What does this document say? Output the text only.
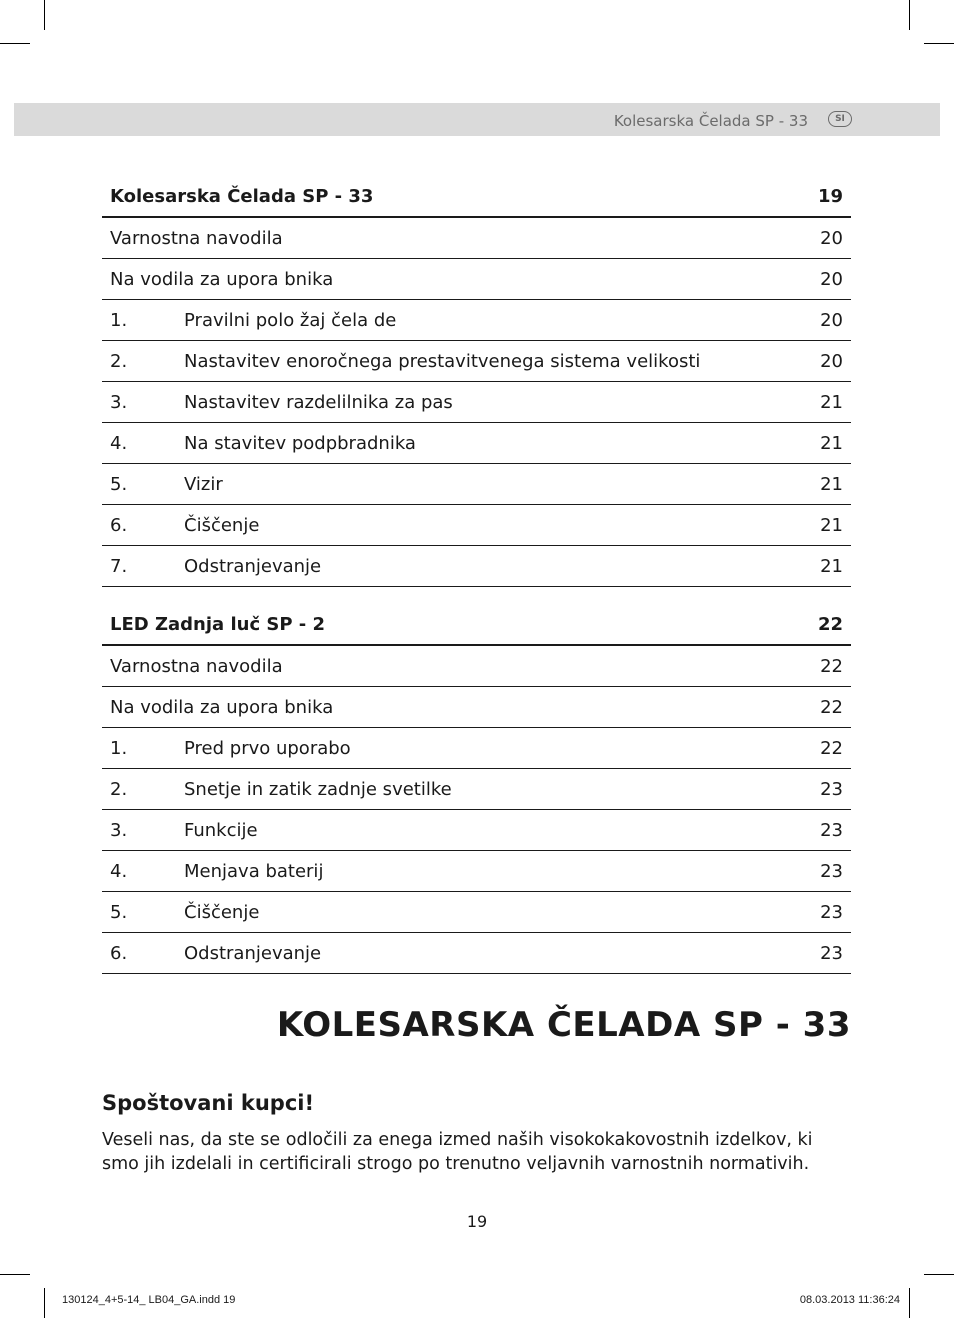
Kolesarska Čelada SP - 33	SI
Kolesarska Čelada SP - 33	19
Varnostna navodila	20
Na vodila za upora bnika	20
1.	Pravilni polo žaj čela de	20
2.	Nastavitev enoročnega prestavitvenega sistema velikosti	20
3.	Nastavitev razdelilnika za pas	21
4.	Na stavitev podpbradnika	21
5.	Vizir	21
6.	Čiščenje	21
7.	Odstranjevanje	21
LED Zadnja luč SP - 2	22
Varnostna navodila	22
Na vodila za upora bnika	22
1.	Pred prvo uporabo	22
2.	Snetje in zatik zadnje svetilke	23
3.	Funkcije	23
4.	Menjava baterij	23
5.	Čiščenje	23
6.	Odstranjevanje	23
KOLESARSKA ČELADA SP - 33
Spoštovani kupci!
Veseli nas, da ste se odločili za enega izmed naših visokokakovostnih izdelkov, ki smo jih izdelali in certificirali strogo po trenutno veljavnih varnostnih normativih.
19
130124_4+5-14_ LB04_GA.indd 19	08.03.2013 11:36:24
